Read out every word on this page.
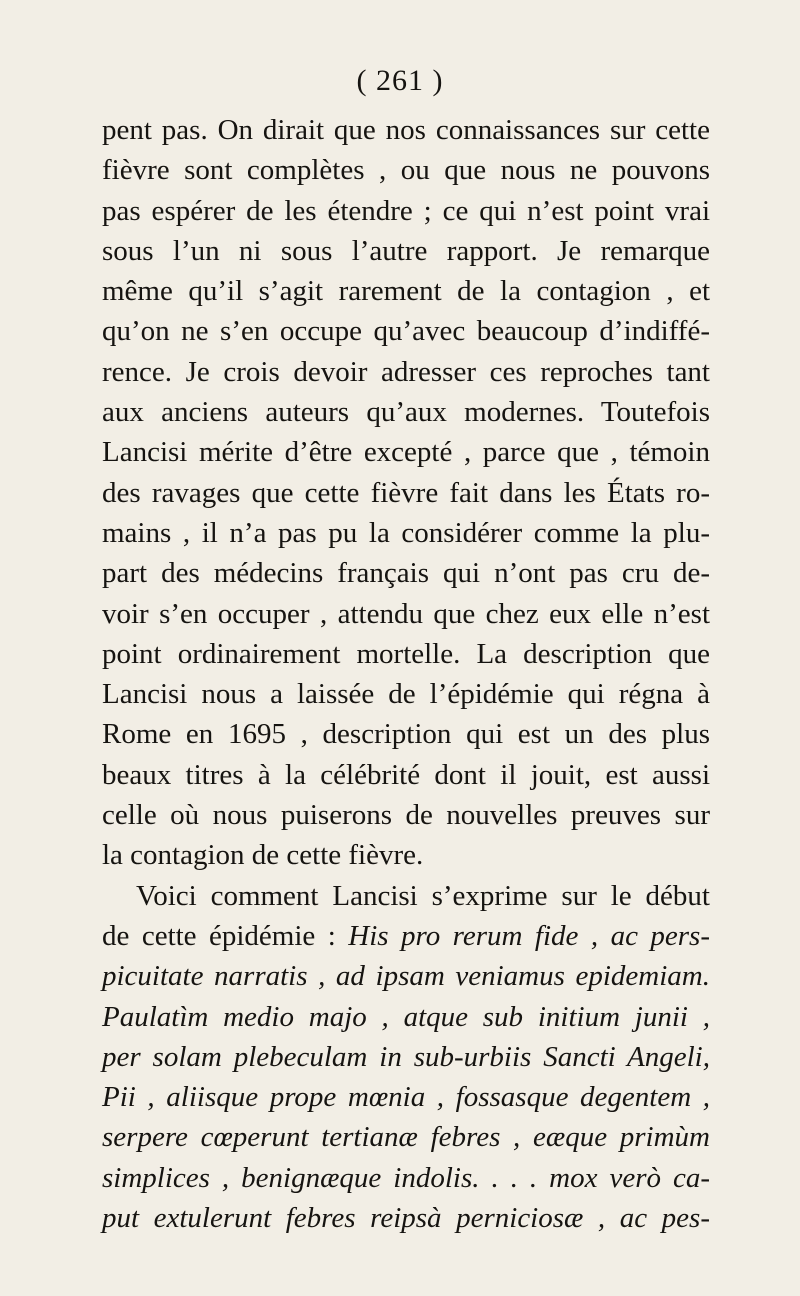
( 261 )
pent pas. On dirait que nos connaissances sur cette
fièvre sont complètes , ou que nous ne pouvons
pas espérer de les étendre ; ce qui n’est point vrai
sous l’un ni sous l’autre rapport. Je remarque
même qu’il s’agit rarement de la contagion , et
qu’on ne s’en occupe qu’avec beaucoup d’indiffé-
rence. Je crois devoir adresser ces reproches tant
aux anciens auteurs qu’aux modernes. Toutefois
Lancisi mérite d’être excepté , parce que , témoin
des ravages que cette fièvre fait dans les États ro-
mains , il n’a pas pu la considérer comme la plu-
part des médecins français qui n’ont pas cru de-
voir s’en occuper , attendu que chez eux elle n’est
point ordinairement mortelle. La description que
Lancisi nous a laissée de l’épidémie qui régna à
Rome en 1695 , description qui est un des plus
beaux titres à la célébrité dont il jouit, est aussi
celle où nous puiserons de nouvelles preuves sur
la contagion de cette fièvre.
Voici comment Lancisi s’exprime sur le début
de cette épidémie : His pro rerum fide , ac pers-
picuitate narratis , ad ipsam veniamus epidemiam.
Paulatìm medio majo , atque sub initium junii ,
per solam plebeculam in sub-urbiis Sancti Angeli,
Pii , aliisque prope mœnia , fossasque degentem ,
serpere cœperunt tertianæ febres , eæque primùm
simplices , benignæque indolis. . . . mox verò ca-
put extulerunt febres reipsà perniciosæ , ac pes-
